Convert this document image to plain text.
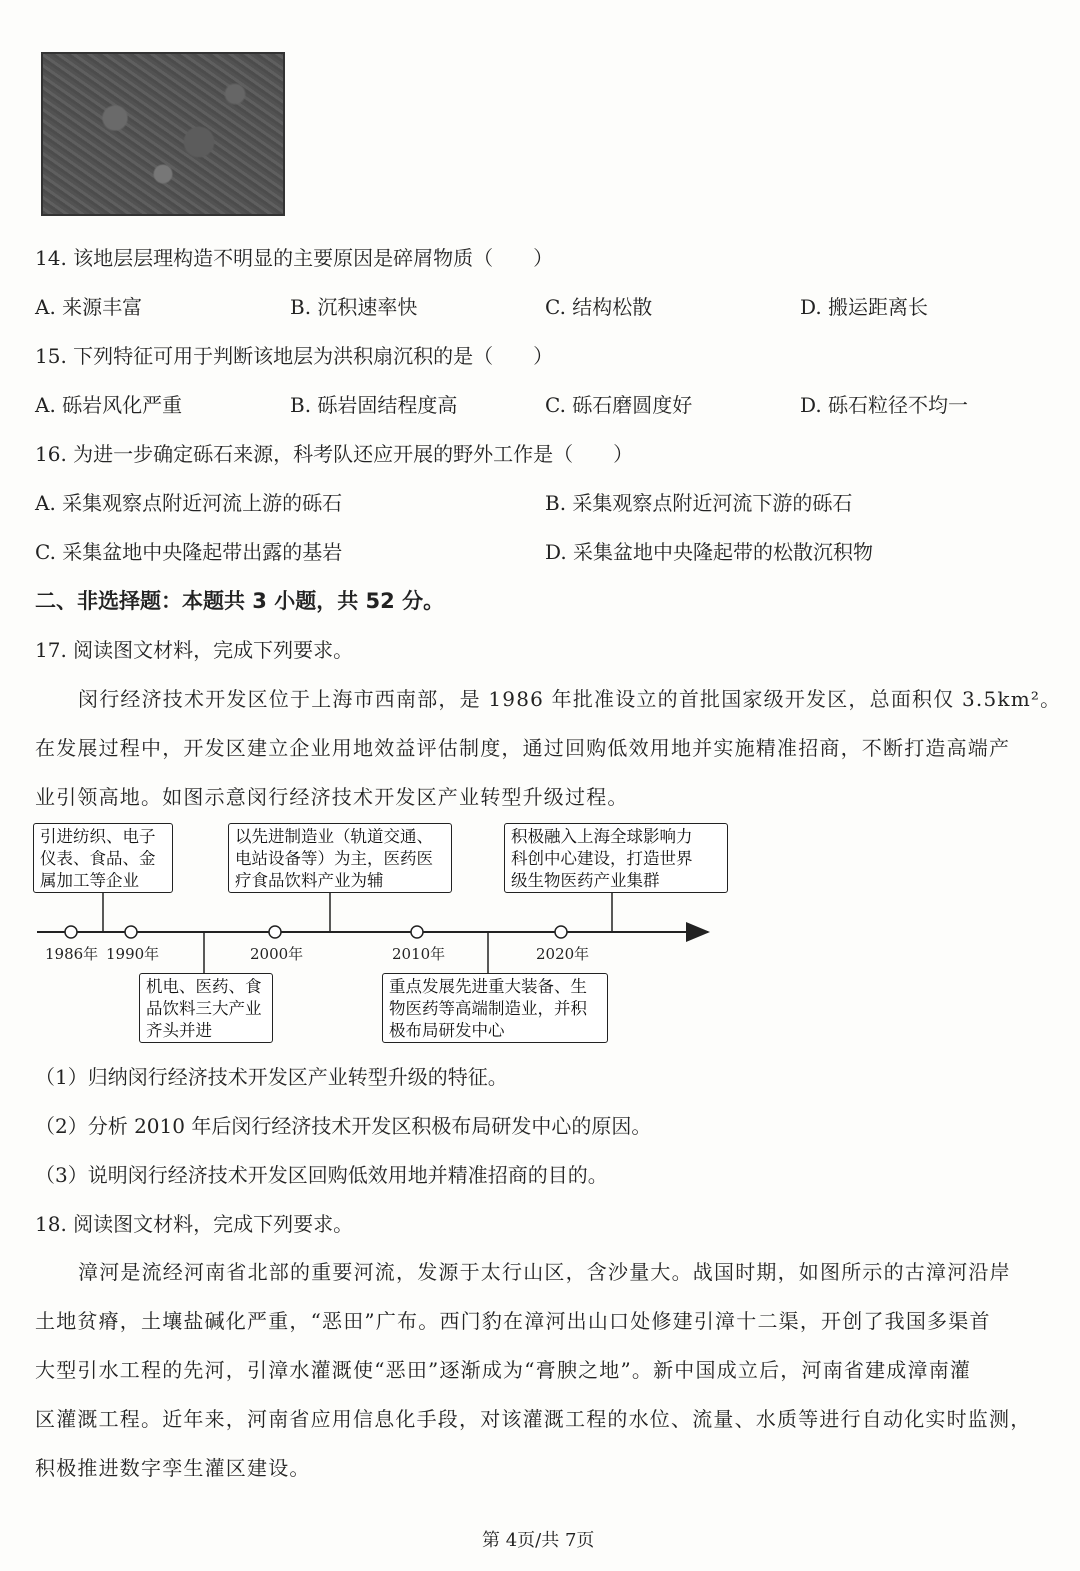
14. 该地层层理构造不明显的主要原因是碎屑物质（　　）
A. 来源丰富	B. 沉积速率快	C. 结构松散	D. 搬运距离长
15. 下列特征可用于判断该地层为洪积扇沉积的是（　　）
A. 砾岩风化严重	B. 砾岩固结程度高	C. 砾石磨圆度好	D. 砾石粒径不均一
16. 为进一步确定砾石来源，科考队还应开展的野外工作是（　　）
A. 采集观察点附近河流上游的砾石	B. 采集观察点附近河流下游的砾石
C. 采集盆地中央隆起带出露的基岩	D. 采集盆地中央隆起带的松散沉积物
二、非选择题：本题共 3 小题，共 52 分。
17. 阅读图文材料，完成下列要求。
闵行经济技术开发区位于上海市西南部，是 1986 年批准设立的首批国家级开发区，总面积仅 3.5km²。
在发展过程中，开发区建立企业用地效益评估制度，通过回购低效用地并实施精准招商，不断打造高端产
业引领高地。如图示意闵行经济技术开发区产业转型升级过程。
1986年 1990年	2000年	2010年	2020年
引进纺织、电子
仪表、食品、金
属加工等企业
以先进制造业（轨道交通、
电站设备等）为主，医药医
疗食品饮料产业为辅
积极融入上海全球影响力
科创中心建设，打造世界
级生物医药产业集群
机电、医药、食
品饮料三大产业
齐头并进
重点发展先进重大装备、生
物医药等高端制造业，并积
极布局研发中心
（1）归纳闵行经济技术开发区产业转型升级的特征。
（2）分析 2010 年后闵行经济技术开发区积极布局研发中心的原因。
（3）说明闵行经济技术开发区回购低效用地并精准招商的目的。
18. 阅读图文材料，完成下列要求。
漳河是流经河南省北部的重要河流，发源于太行山区，含沙量大。战国时期，如图所示的古漳河沿岸
土地贫瘠，土壤盐碱化严重，“恶田”广布。西门豹在漳河出山口处修建引漳十二渠，开创了我国多渠首
大型引水工程的先河，引漳水灌溉使“恶田”逐渐成为“膏腴之地”。新中国成立后，河南省建成漳南灌
区灌溉工程。近年来，河南省应用信息化手段，对该灌溉工程的水位、流量、水质等进行自动化实时监测，
积极推进数字孪生灌区建设。
第 4页/共 7页
